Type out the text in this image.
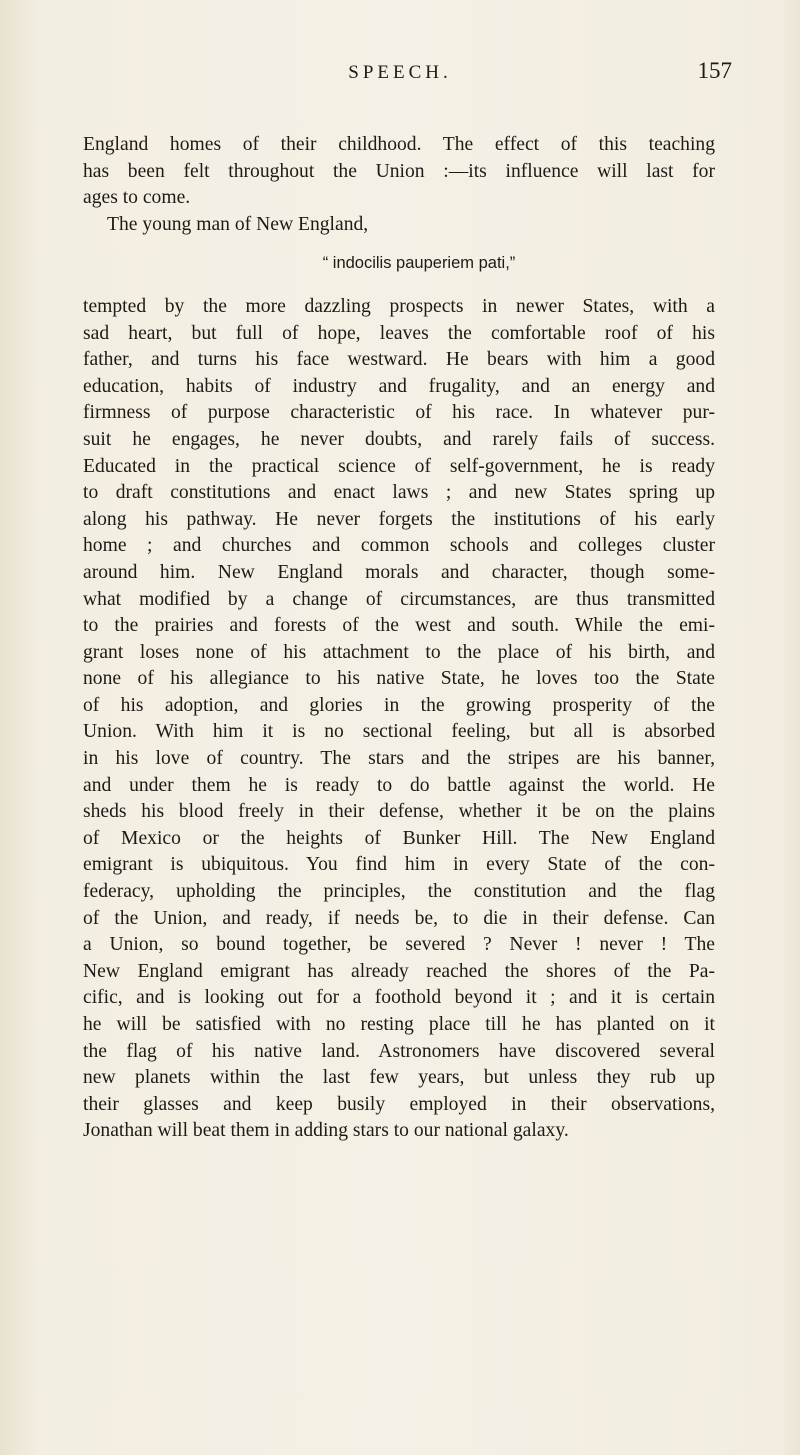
SPEECH.	157
England homes of their childhood. The effect of this teaching
has been felt throughout the Union :—its influence will last for
ages to come.
The young man of New England,
“ indocilis pauperiem pati,”
tempted by the more dazzling prospects in newer States, with a
sad heart, but full of hope, leaves the comfortable roof of his
father, and turns his face westward. He bears with him a good
education, habits of industry and frugality, and an energy and
firmness of purpose characteristic of his race. In whatever pur-
suit he engages, he never doubts, and rarely fails of success.
Educated in the practical science of self-government, he is ready
to draft constitutions and enact laws ; and new States spring up
along his pathway. He never forgets the institutions of his early
home ; and churches and common schools and colleges cluster
around him. New England morals and character, though some-
what modified by a change of circumstances, are thus transmitted
to the prairies and forests of the west and south. While the emi-
grant loses none of his attachment to the place of his birth, and
none of his allegiance to his native State, he loves too the State
of his adoption, and glories in the growing prosperity of the
Union. With him it is no sectional feeling, but all is absorbed
in his love of country. The stars and the stripes are his banner,
and under them he is ready to do battle against the world. He
sheds his blood freely in their defense, whether it be on the plains
of Mexico or the heights of Bunker Hill. The New England
emigrant is ubiquitous. You find him in every State of the con-
federacy, upholding the principles, the constitution and the flag
of the Union, and ready, if needs be, to die in their defense. Can
a Union, so bound together, be severed ? Never ! never ! The
New England emigrant has already reached the shores of the Pa-
cific, and is looking out for a foothold beyond it ; and it is certain
he will be satisfied with no resting place till he has planted on it
the flag of his native land. Astronomers have discovered several
new planets within the last few years, but unless they rub up
their glasses and keep busily employed in their observations,
Jonathan will beat them in adding stars to our national galaxy.
